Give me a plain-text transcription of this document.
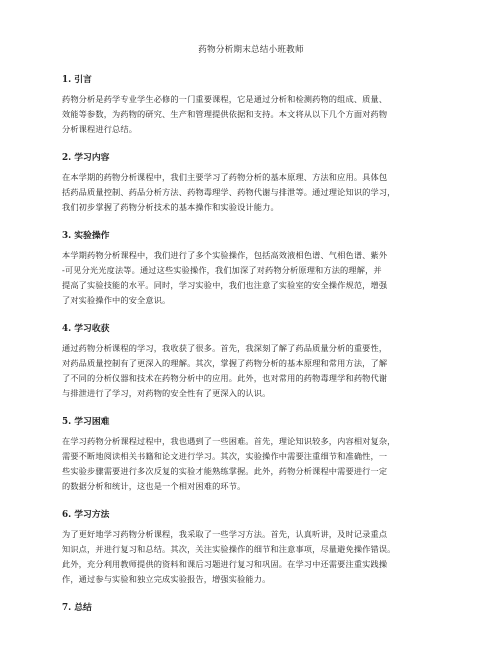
药物分析期末总结小班教师
1. 引言

药物分析是药学专业学生必修的一门重要课程，它是通过分析和检测药物的组成、质量、
效能等参数，为药物的研究、生产和管理提供依据和支持。本文将从以下几个方面对药物
分析课程进行总结。

2. 学习内容

在本学期的药物分析课程中，我们主要学习了药物分析的基本原理、方法和应用。具体包
括药品质量控制、药品分析方法、药物毒理学、药物代谢与排泄等。通过理论知识的学习，
我们初步掌握了药物分析技术的基本操作和实验设计能力。

3. 实验操作

本学期药物分析课程中，我们进行了多个实验操作，包括高效液相色谱、气相色谱、紫外
-可见分光光度法等。通过这些实验操作，我们加深了对药物分析原理和方法的理解，并
提高了实验技能的水平。同时，学习实验中，我们也注意了实验室的安全操作规范，增强
了对实验操作中的安全意识。

4. 学习收获

通过药物分析课程的学习，我收获了很多。首先，我深刻了解了药品质量分析的重要性，
对药品质量控制有了更深入的理解。其次，掌握了药物分析的基本原理和常用方法，了解
了不同的分析仪器和技术在药物分析中的应用。此外，也对常用的药物毒理学和药物代谢
与排泄进行了学习，对药物的安全性有了更深入的认识。

5. 学习困难

在学习药物分析课程过程中，我也遇到了一些困难。首先，理论知识较多，内容相对复杂，
需要不断地阅读相关书籍和论文进行学习。其次，实验操作中需要注重细节和准确性，一
些实验步骤需要进行多次反复的实验才能熟练掌握。此外，药物分析课程中需要进行一定
的数据分析和统计，这也是一个相对困难的环节。

6. 学习方法

为了更好地学习药物分析课程，我采取了一些学习方法。首先，认真听讲，及时记录重点
知识点，并进行复习和总结。其次，关注实验操作的细节和注意事项，尽量避免操作错误。
此外，充分利用教师提供的资料和课后习题进行复习和巩固。在学习中还需要注重实践操
作，通过参与实验和独立完成实验报告，增强实验能力。

7. 总结
